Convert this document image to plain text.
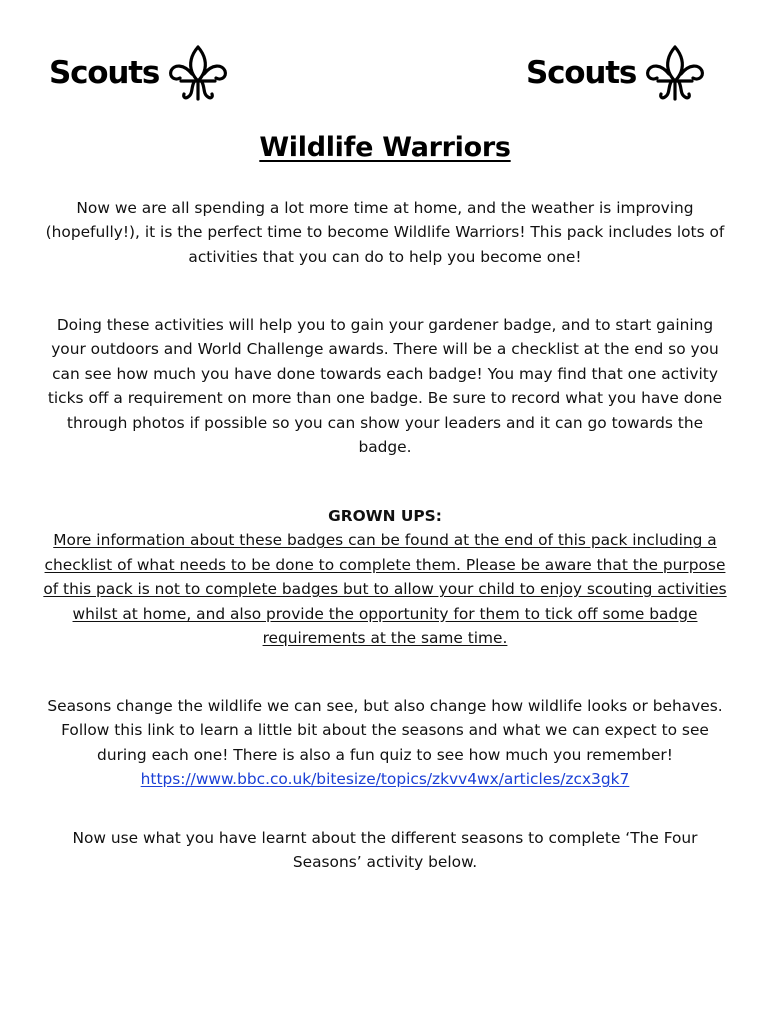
Scouts	Scouts
Wildlife Warriors

Now we are all spending a lot more time at home, and the weather is improving (hopefully!), it is the perfect time to become Wildlife Warriors! This pack includes lots of activities that you can do to help you become one!

Doing these activities will help you to gain your gardener badge, and to start gaining your outdoors and World Challenge awards. There will be a checklist at the end so you can see how much you have done towards each badge! You may find that one activity ticks off a requirement on more than one badge. Be sure to record what you have done through photos if possible so you can show your leaders and it can go towards the badge.

GROWN UPS:
More information about these badges can be found at the end of this pack including a checklist of what needs to be done to complete them. Please be aware that the purpose of this pack is not to complete badges but to allow your child to enjoy scouting activities whilst at home, and also provide the opportunity for them to tick off some badge requirements at the same time.

Seasons change the wildlife we can see, but also change how wildlife looks or behaves. Follow this link to learn a little bit about the seasons and what we can expect to see during each one! There is also a fun quiz to see how much you remember! https://www.bbc.co.uk/bitesize/topics/zkvv4wx/articles/zcx3gk7

Now use what you have learnt about the different seasons to complete ‘The Four Seasons’ activity below.
